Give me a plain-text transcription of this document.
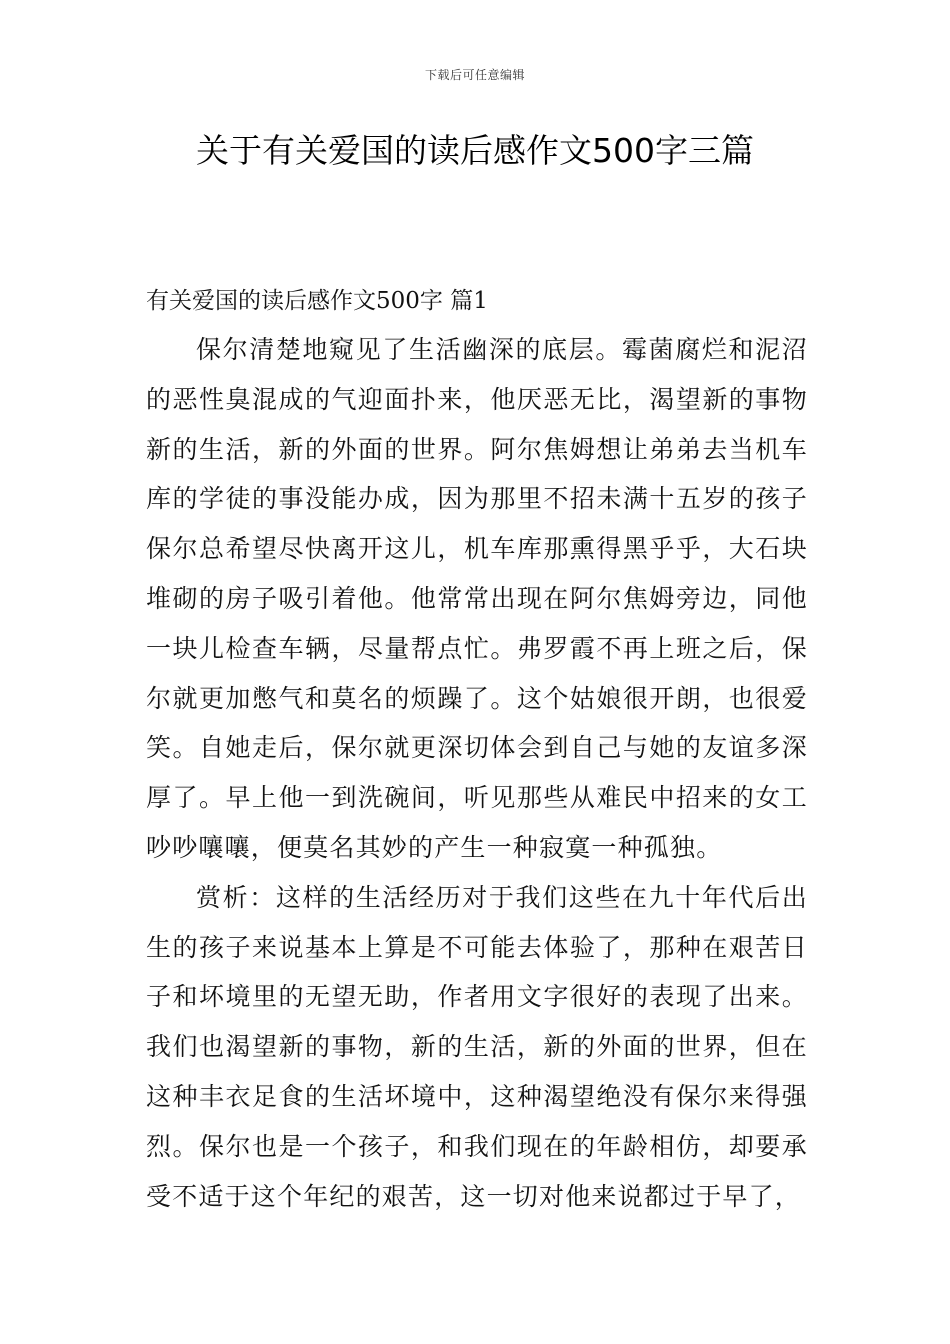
下载后可任意编辑
关于有关爱国的读后感作文500字三篇

有关爱国的读后感作文500字 篇1

保尔清楚地窥见了生活幽深的底层。霉菌腐烂和泥沼的恶性臭混成的气迎面扑来，他厌恶无比，渴望新的事物新的生活，新的外面的世界。阿尔焦姆想让弟弟去当机车库的学徒的事没能办成，因为那里不招未满十五岁的孩子保尔总希望尽快离开这儿，机车库那熏得黑乎乎，大石块堆砌的房子吸引着他。他常常出现在阿尔焦姆旁边，同他一块儿检查车辆，尽量帮点忙。弗罗霞不再上班之后，保尔就更加憋气和莫名的烦躁了。这个姑娘很开朗，也很爱笑。自她走后，保尔就更深切体会到自己与她的友谊多深厚了。早上他一到洗碗间，听见那些从难民中招来的女工吵吵嚷嚷，便莫名其妙的产生一种寂寞一种孤独。

赏析：这样的生活经历对于我们这些在九十年代后出生的孩子来说基本上算是不可能去体验了，那种在艰苦日子和坏境里的无望无助，作者用文字很好的表现了出来。我们也渴望新的事物，新的生活，新的外面的世界，但在这种丰衣足食的生活坏境中，这种渴望绝没有保尔来得强烈。保尔也是一个孩子，和我们现在的年龄相仿，却要承受不适于这个年纪的艰苦，这一切对他来说都过于早了，
